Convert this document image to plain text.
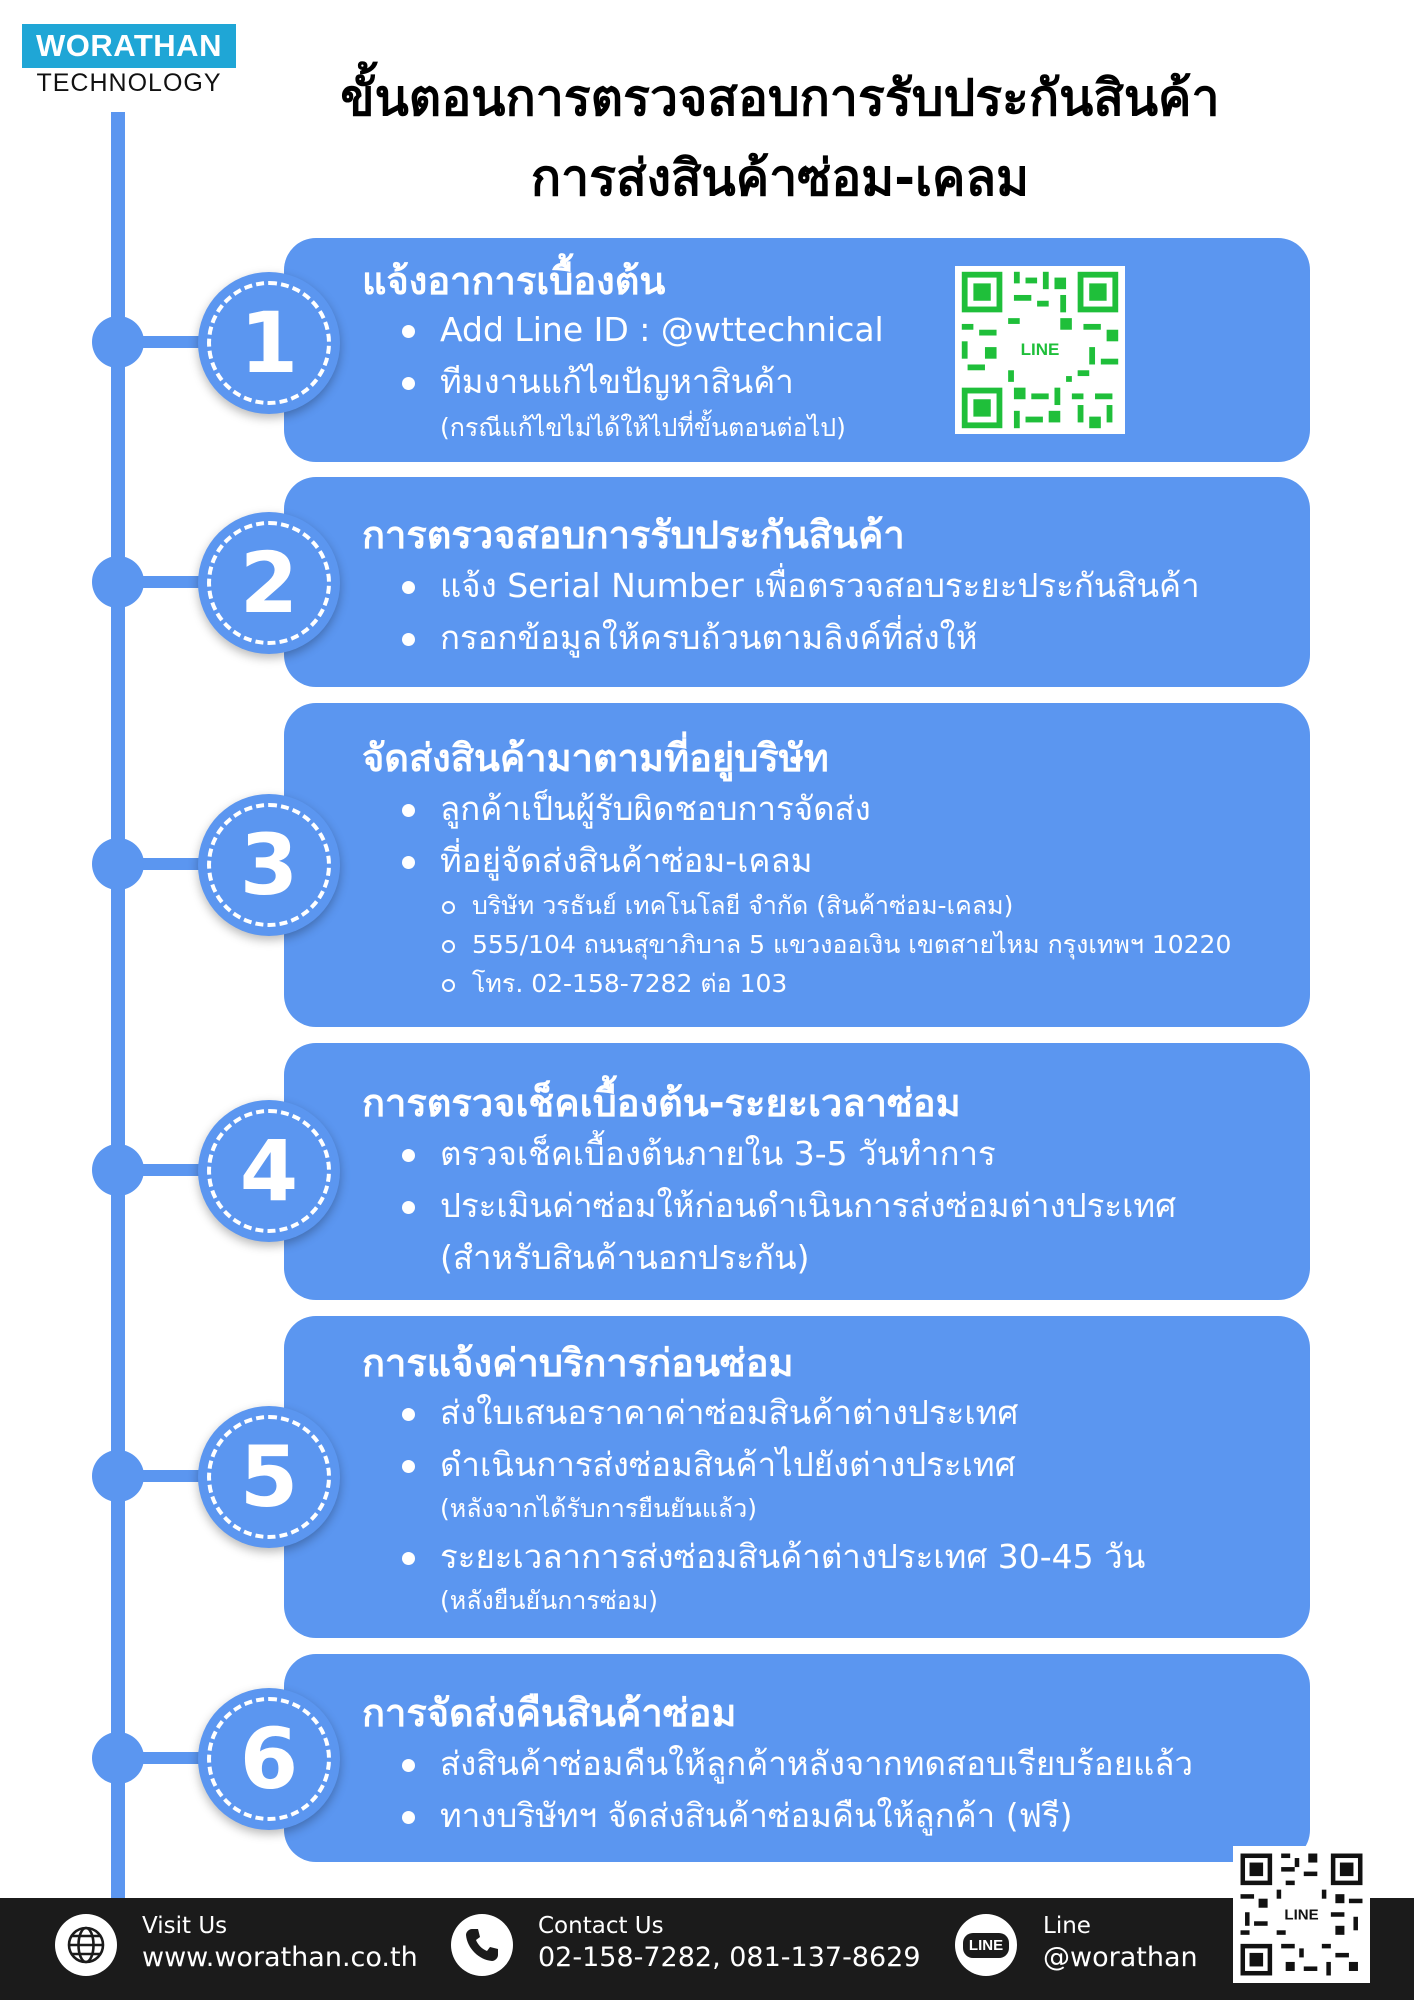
WORATHAN
TECHNOLOGY	ขั้นตอนการตรวจสอบการรับประกันสินค้า
การส่งสินค้าซ่อม-เคลม
1
แจ้งอาการเบื้องต้น
Add Line ID : @wttechnical
ทีมงานแก้ไขปัญหาสินค้า
(กรณีแก้ไขไม่ได้ให้ไปที่ขั้นตอนต่อไป)
LINE
2	การตรวจสอบการรับประกันสินค้า
แจ้ง Serial Number เพื่อตรวจสอบระยะประกันสินค้า
กรอกข้อมูลให้ครบถ้วนตามลิงค์ที่ส่งให้
3
จัดส่งสินค้ามาตามที่อยู่บริษัท
ลูกค้าเป็นผู้รับผิดชอบการจัดส่ง
ที่อยู่จัดส่งสินค้าซ่อม-เคลม
บริษัท วรธันย์ เทคโนโลยี จำกัด (สินค้าซ่อม-เคลม)
555/104 ถนนสุขาภิบาล 5 แขวงออเงิน เขตสายไหม กรุงเทพฯ 10220
โทร. 02-158-7282 ต่อ 103
4
การตรวจเช็คเบื้องต้น-ระยะเวลาซ่อม
ตรวจเช็คเบื้องต้นภายใน 3-5 วันทำการ
ประเมินค่าซ่อมให้ก่อนดำเนินการส่งซ่อมต่างประเทศ
(สำหรับสินค้านอกประกัน)
5
การแจ้งค่าบริการก่อนซ่อม
ส่งใบเสนอราคาค่าซ่อมสินค้าต่างประเทศ
ดำเนินการส่งซ่อมสินค้าไปยังต่างประเทศ
(หลังจากได้รับการยืนยันแล้ว)
ระยะเวลาการส่งซ่อมสินค้าต่างประเทศ 30-45 วัน
(หลังยืนยันการซ่อม)
6	การจัดส่งคืนสินค้าซ่อม
ส่งสินค้าซ่อมคืนให้ลูกค้าหลังจากทดสอบเรียบร้อยแล้ว
ทางบริษัทฯ จัดส่งสินค้าซ่อมคืนให้ลูกค้า (ฟรี)
Visit Us
www.worathan.co.th
Contact Us
02-158-7282, 081-137-8629	LINE
Line
@worathan
LINE
